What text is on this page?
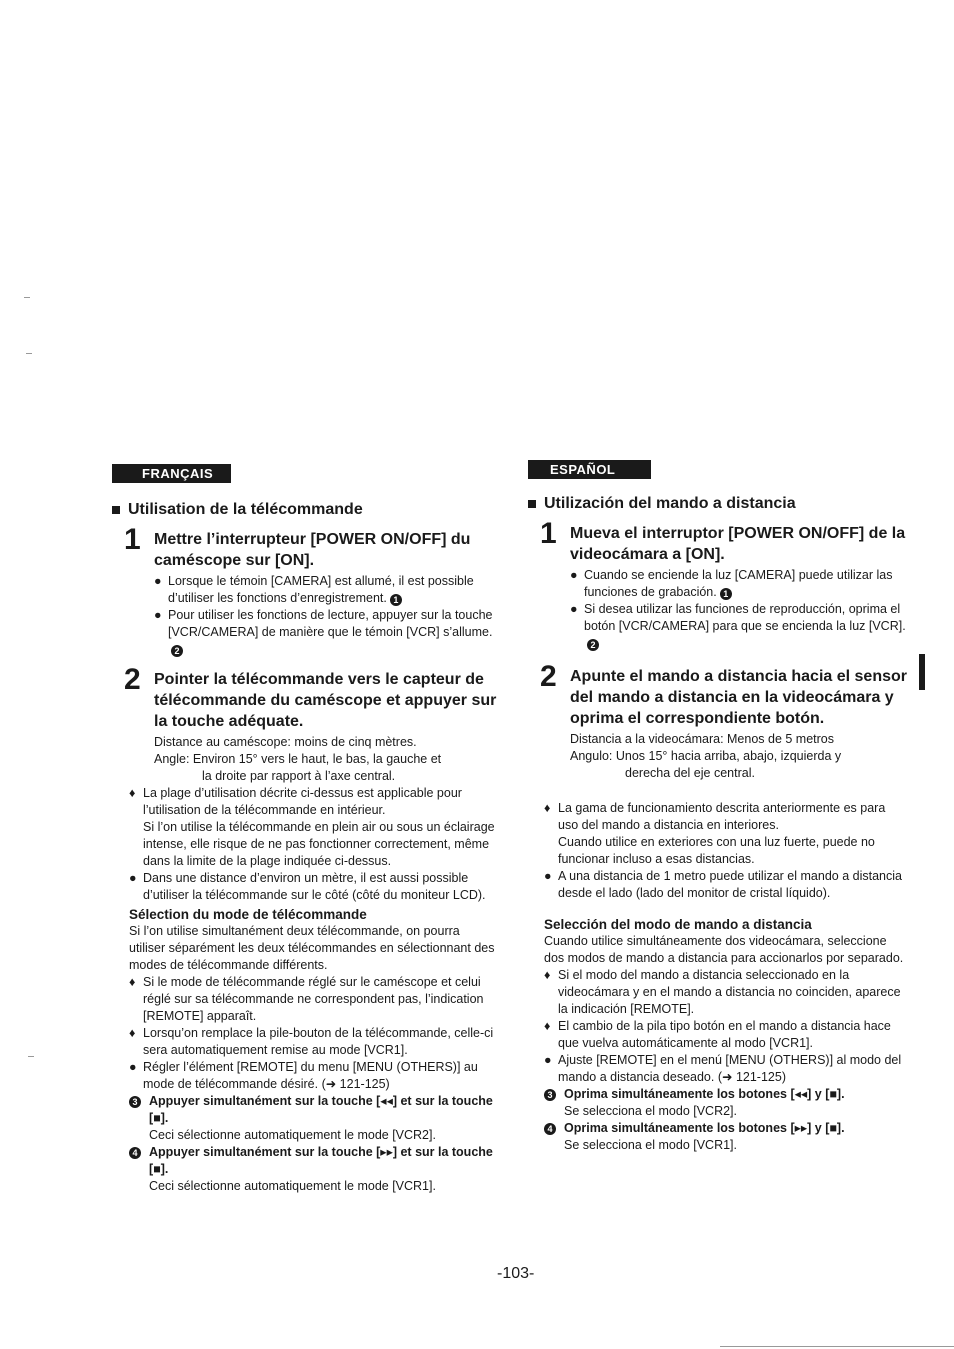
FRANÇAIS
Utilisation de la télécommande
1 Mettre l’interrupteur [POWER ON/OFF] du caméscope sur [ON].
● Lorsque le témoin [CAMERA] est allumé, il est possible d’utiliser les fonctions d’enregistrement. 1
● Pour utiliser les fonctions de lecture, appuyer sur la touche [VCR/CAMERA] de manière que le témoin [VCR] s’allume.2
2 Pointer la télécommande vers le capteur de télécommande du caméscope et appuyer sur la touche adéquate.
Distance au caméscope: moins de cinq mètres.
Angle: Environ 15° vers le haut, le bas, la gauche et
la droite par rapport à l’axe central.
♦ La plage d’utilisation décrite ci-dessus est applicable pour l’utilisation de la télécommande en intérieur.
Si l’on utilise la télécommande en plein air ou sous un éclairage intense, elle risque de ne pas fonctionner correctement, même dans la limite de la plage indiquée ci-dessus.
● Dans une distance d’environ un mètre, il est aussi possible d’utiliser la télécommande sur le côté (côté du moniteur LCD).
Sélection du mode de télécommande
Si l’on utilise simultanément deux télécommande, on pourra utiliser séparément les deux télécommandes en sélectionnant des modes de télécommande différents.
♦ Si le mode de télécommande réglé sur le caméscope et celui réglé sur sa télécommande ne correspondent pas, l’indication [REMOTE] apparaît.
♦ Lorsqu’on remplace la pile-bouton de la télécommande, celle-ci sera automatiquement remise au mode [VCR1].
● Régler l’élément [REMOTE] du menu [MENU (OTHERS)] au mode de télécommande désiré. (➜ 121-125)
3 Appuyer simultanément sur la touche [◂◂] et sur la touche [■].
Ceci sélectionne automatiquement le mode [VCR2].
4 Appuyer simultanément sur la touche [▸▸] et sur la touche [■].
Ceci sélectionne automatiquement le mode [VCR1].
ESPAÑOL
Utilización del mando a distancia
1 Mueva el interruptor [POWER ON/OFF] de la videocámara a [ON].
● Cuando se enciende la luz [CAMERA] puede utilizar las funciones de grabación. 1
● Si desea utilizar las funciones de reproducción, oprima el botón [VCR/CAMERA] para que se encienda la luz [VCR].2
2 Apunte el mando a distancia hacia el sensor del mando a distancia en la videocámara y oprima el correspondiente botón.
Distancia a la videocámara: Menos de 5 metros
Angulo: Unos 15° hacia arriba, abajo, izquierda y
derecha del eje central.
♦ La gama de funcionamiento descrita anteriormente es para uso del mando a distancia en interiores.
Cuando utilice en exteriores con una luz fuerte, puede no funcionar incluso a esas distancias.
● A una distancia de 1 metro puede utilizar el mando a distancia desde el lado (lado del monitor de cristal líquido).
Selección del modo de mando a distancia
Cuando utilice simultáneamente dos videocámara, seleccione dos modos de mando a distancia para accionarlos por separado.
♦ Si el modo del mando a distancia seleccionado en la videocámara y en el mando a distancia no coinciden, aparece la indicación [REMOTE].
♦ El cambio de la pila tipo botón en el mando a distancia hace que vuelva automáticamente al modo [VCR1].
● Ajuste [REMOTE] en el menú [MENU (OTHERS)] al modo del mando a distancia deseado. (➜ 121-125)
3 Oprima simultáneamente los botones [◂◂] y [■].
Se selecciona el modo [VCR2].
4 Oprima simultáneamente los botones [▸▸] y [■].
Se selecciona el modo [VCR1].
-103-
